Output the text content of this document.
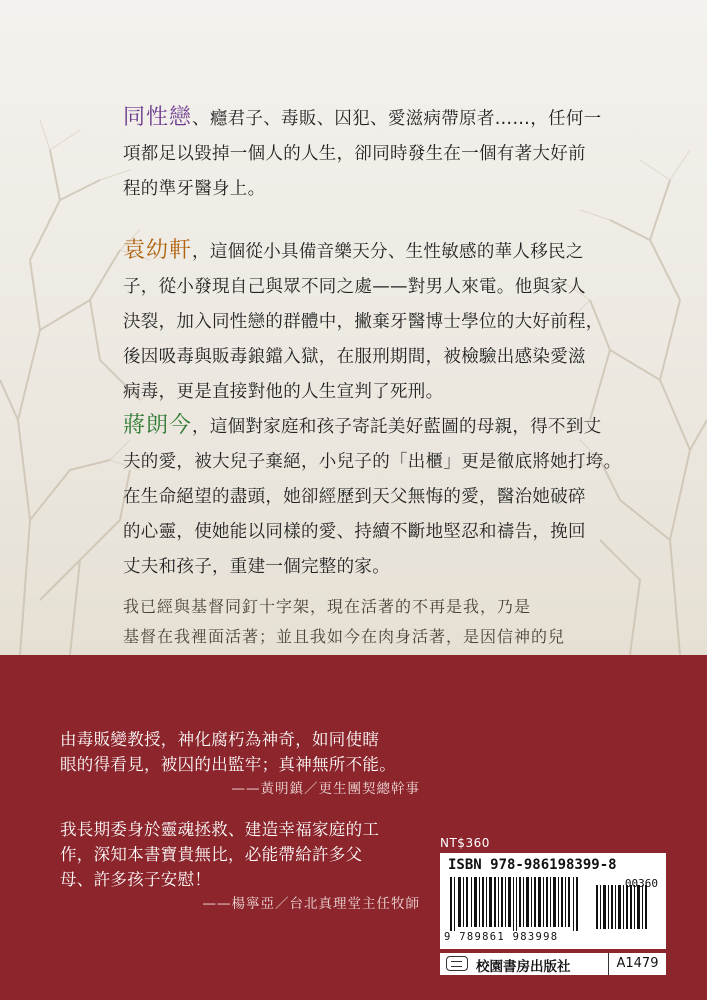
同性戀、癮君子、毒販、囚犯、愛滋病帶原者……，任何一
項都足以毀掉一個人的人生，卻同時發生在一個有著大好前
程的準牙醫身上。
袁幼軒，這個從小具備音樂天分、生性敏感的華人移民之
子，從小發現自己與眾不同之處——對男人來電。他與家人
決裂，加入同性戀的群體中，撇棄牙醫博士學位的大好前程，
後因吸毒與販毒鋃鐺入獄，在服刑期間，被檢驗出感染愛滋
病毒，更是直接對他的人生宣判了死刑。
蔣朗今，這個對家庭和孩子寄託美好藍圖的母親，得不到丈
夫的愛，被大兒子棄絕，小兒子的「出櫃」更是徹底將她打垮。
在生命絕望的盡頭，她卻經歷到天父無悔的愛，醫治她破碎
的心靈，使她能以同樣的愛、持續不斷地堅忍和禱告，挽回
丈夫和孩子，重建一個完整的家。
我已經與基督同釘十字架，現在活著的不再是我，乃是
基督在我裡面活著；並且我如今在肉身活著，是因信神的兒
由毒販變教授，神化腐朽為神奇，如同使瞎
眼的得看見，被囚的出監牢；真神無所不能。
——黃明鎮／更生團契總幹事
我長期委身於靈魂拯救、建造幸福家庭的工
作，深知本書寶貴無比，必能帶給許多父
母、許多孩子安慰！
——楊寧亞／台北真理堂主任牧師
NT$360
ISBN 978-986198399-8
00360
9 789861 983998
校園書房出版社	A1479
